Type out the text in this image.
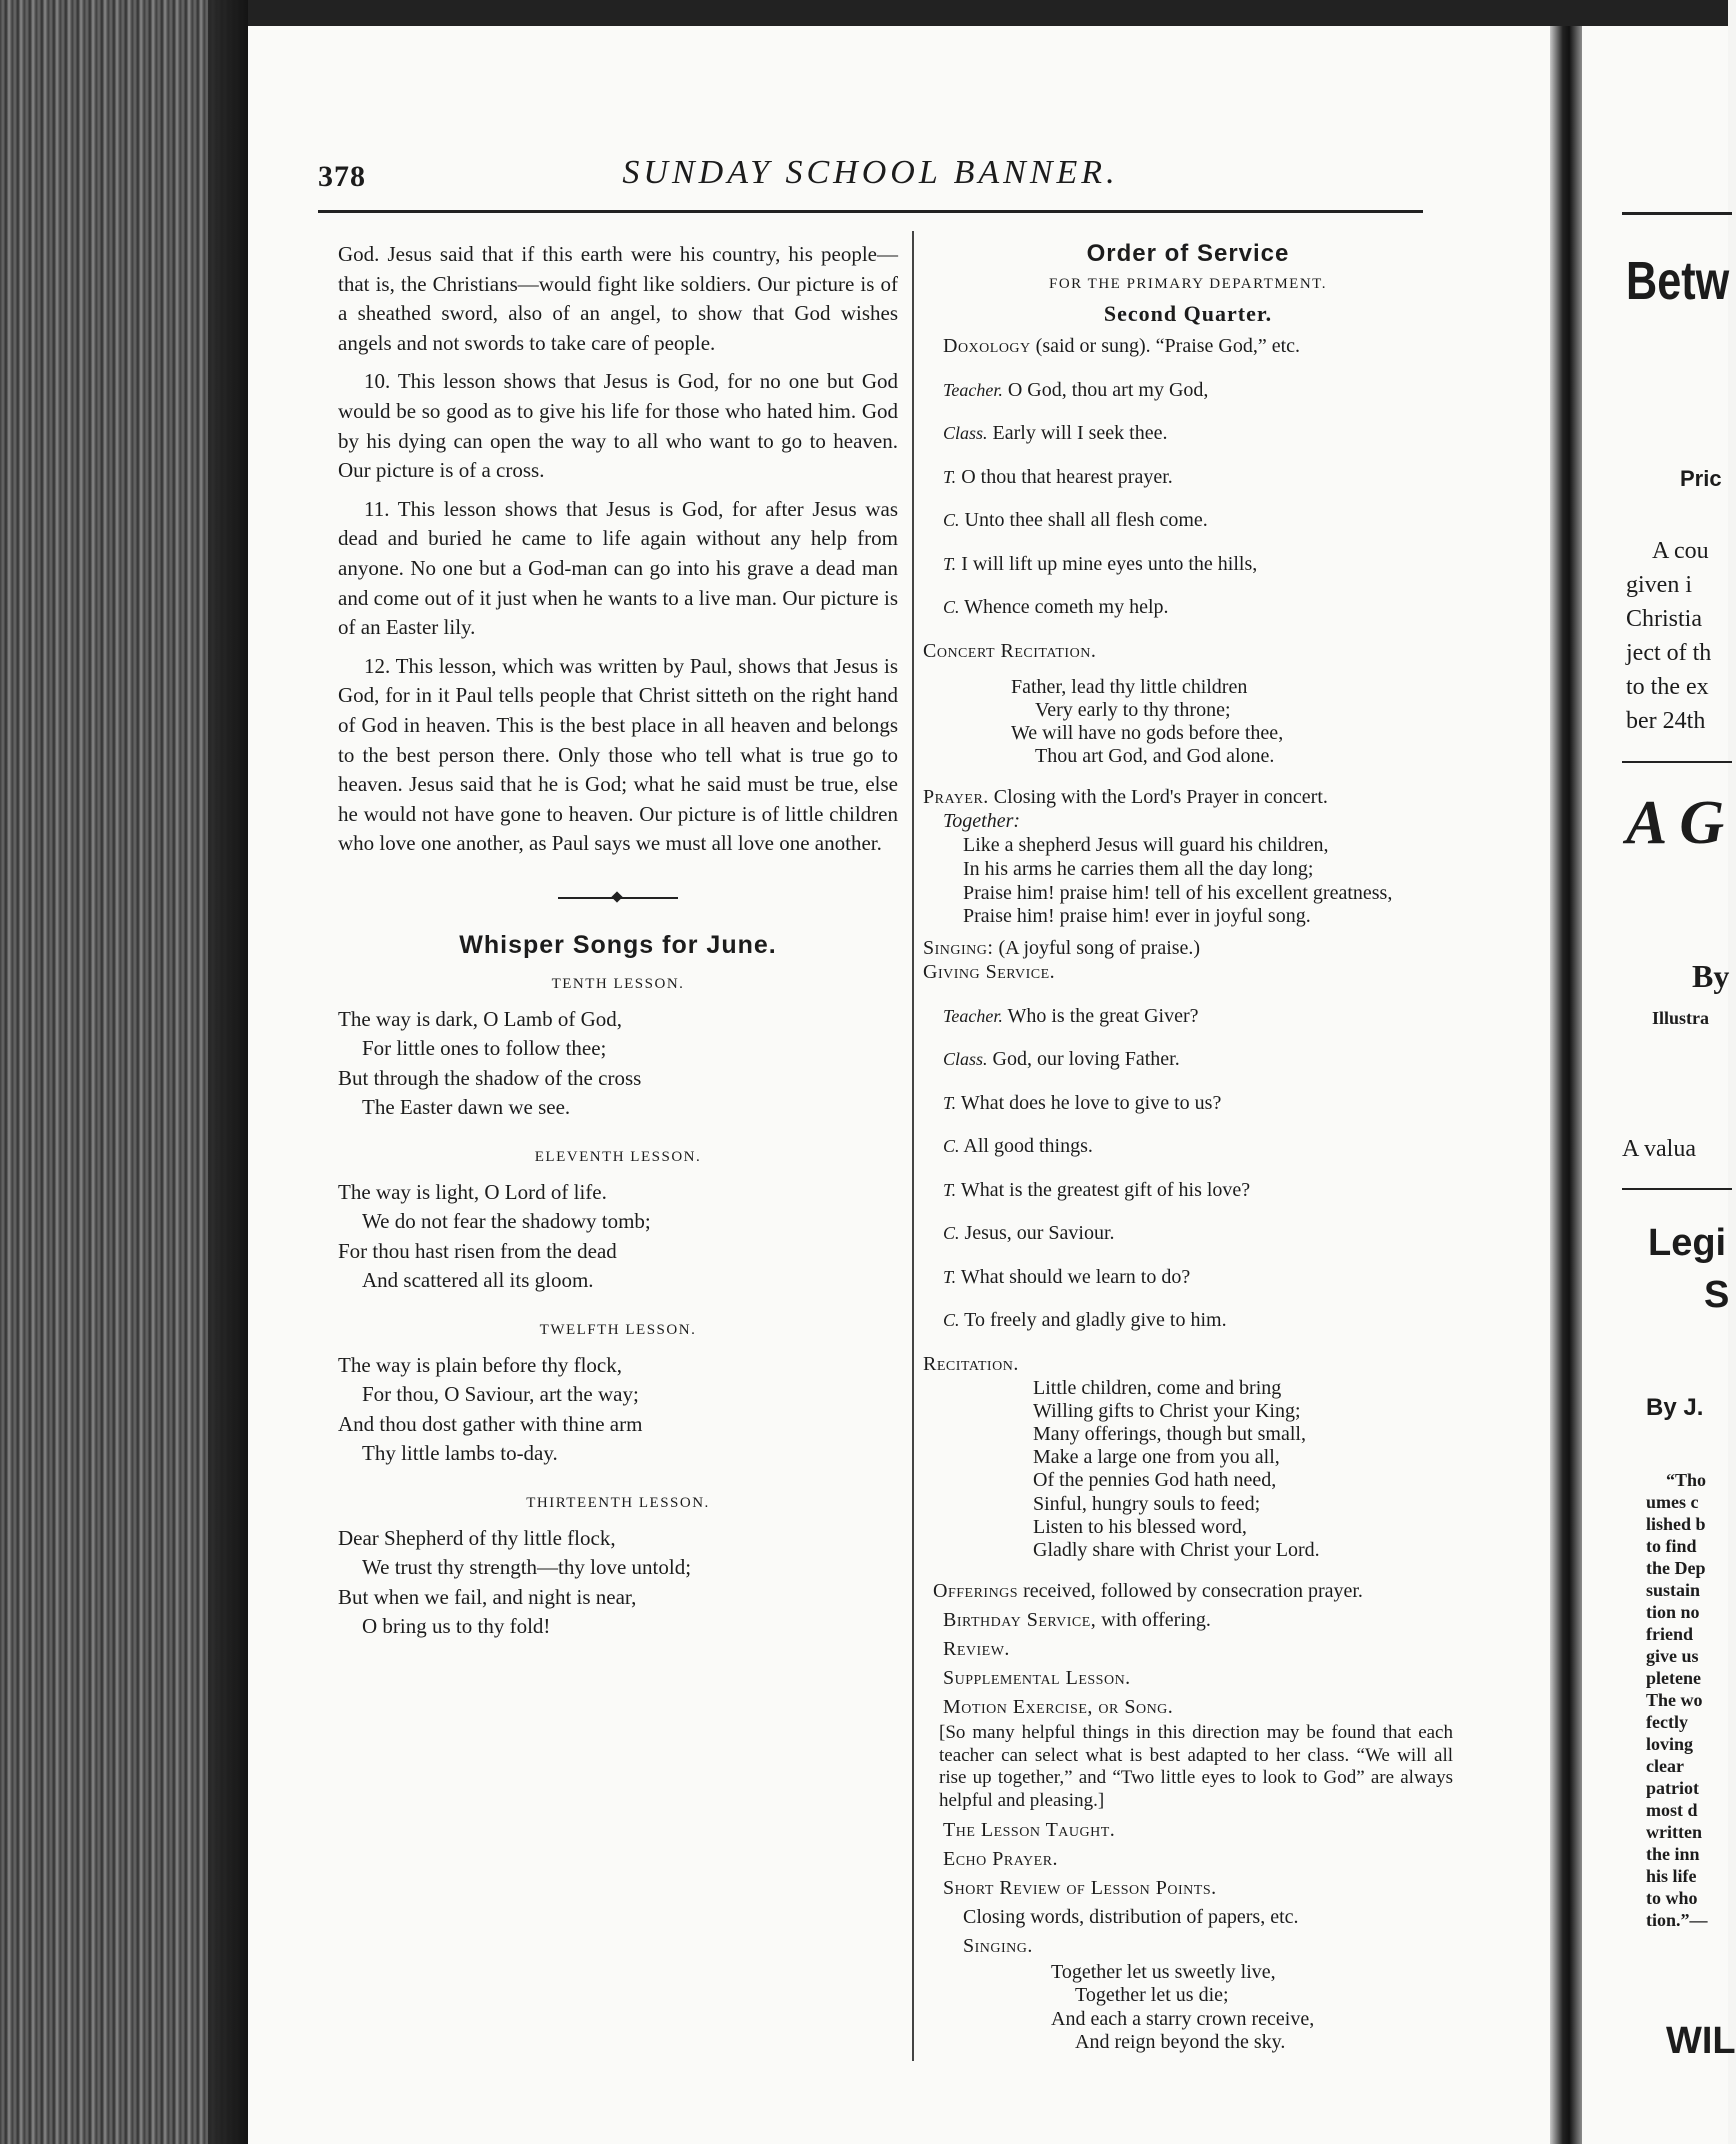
378	SUNDAY SCHOOL BANNER.

God. Jesus said that if this earth were his country, his people—that is, the Christians—would fight like soldiers. Our picture is of a sheathed sword, also of an angel, to show that God wishes angels and not swords to take care of people.

10. This lesson shows that Jesus is God, for no one but God would be so good as to give his life for those who hated him. God by his dying can open the way to all who want to go to heaven. Our picture is of a cross.

11. This lesson shows that Jesus is God, for after Jesus was dead and buried he came to life again without any help from anyone. No one but a God-man can go into his grave a dead man and come out of it just when he wants to a live man. Our picture is of an Easter lily.

12. This lesson, which was written by Paul, shows that Jesus is God, for in it Paul tells people that Christ sitteth on the right hand of God in heaven. This is the best place in all heaven and belongs to the best person there. Only those who tell what is true go to heaven. Jesus said that he is God; what he said must be true, else he would not have gone to heaven. Our picture is of little children who love one another, as Paul says we must all love one another.

Whisper Songs for June.
TENTH LESSON.

The way is dark, O Lamb of God,

For little ones to follow thee;

But through the shadow of the cross

The Easter dawn we see.

ELEVENTH LESSON.

The way is light, O Lord of life.

We do not fear the shadowy tomb;

For thou hast risen from the dead

And scattered all its gloom.

TWELFTH LESSON.

The way is plain before thy flock,

For thou, O Saviour, art the way;

And thou dost gather with thine arm

Thy little lambs to-day.

THIRTEENTH LESSON.

Dear Shepherd of thy little flock,

We trust thy strength—thy love untold;

But when we fail, and night is near,

O bring us to thy fold!

Order of Service
FOR THE PRIMARY DEPARTMENT.
Second Quarter.

Doxology (said or sung). “Praise God,” etc.

Teacher. O God, thou art my God,

Class. Early will I seek thee.

T. O thou that hearest prayer.

C. Unto thee shall all flesh come.

T. I will lift up mine eyes unto the hills,

C. Whence cometh my help.

Concert Recitation.

Father, lead thy little children
Very early to thy throne;
We will have no gods before thee,
Thou art God, and God alone.

Prayer. Closing with the Lord's Prayer in concert.

Together:

Like a shepherd Jesus will guard his children,
In his arms he carries them all the day long;
Praise him! praise him! tell of his excellent greatness,
Praise him! praise him! ever in joyful song.

Singing: (A joyful song of praise.)

Giving Service.

Teacher. Who is the great Giver?

Class. God, our loving Father.

T. What does he love to give to us?

C. All good things.

T. What is the greatest gift of his love?

C. Jesus, our Saviour.

T. What should we learn to do?

C. To freely and gladly give to him.

Recitation.

Little children, come and bring
Willing gifts to Christ your King;
Many offerings, though but small,
Make a large one from you all,
Of the pennies God hath need,
Sinful, hungry souls to feed;
Listen to his blessed word,
Gladly share with Christ your Lord.

Offerings received, followed by consecration prayer.

Birthday Service, with offering.

Review.

Supplemental Lesson.

Motion Exercise, or Song.

[So many helpful things in this direction may be found that each teacher can select what is best adapted to her class. “We will all rise up together,” and “Two little eyes to look to God” are always helpful and pleasing.]

The Lesson Taught.

Echo Prayer.

Short Review of Lesson Points.

Closing words, distribution of papers, etc.

Singing.

Together let us sweetly live,
Together let us die;
And each a starry crown receive,
And reign beyond the sky.
Betw
Pric
A cou
given i
Christia
ject of th
to the ex
ber 24th
A G
By
Illustra
A valua
Legi
S
By J.
“Tho
umes c
lished b
to find
the Dep
sustain
tion no
friend
give us
pletene
The wo
fectly
loving
clear
patriot
most d
written
the inn
his life
to who
tion.”—
WIL
